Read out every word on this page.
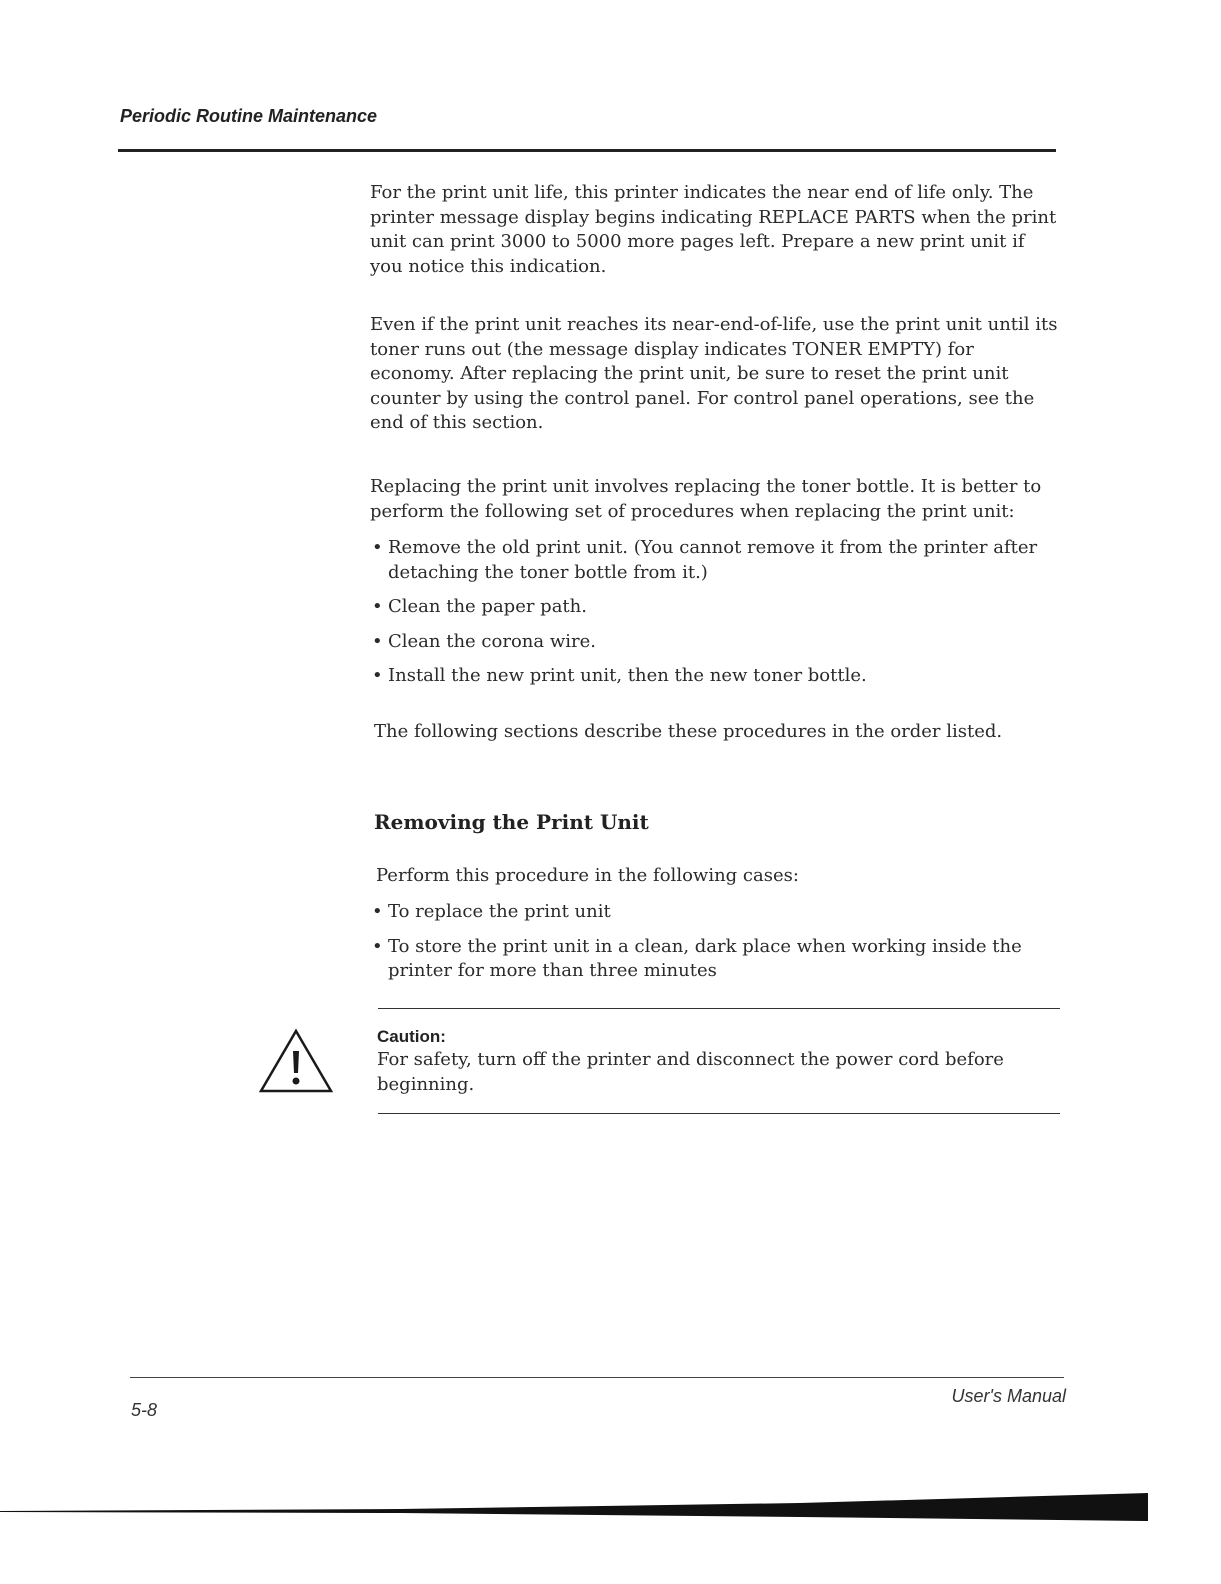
Periodic Routine Maintenance
For the print unit life, this printer indicates the near end of life only. The printer message display begins indicating REPLACE PARTS when the print unit can print 3000 to 5000 more pages left. Prepare a new print unit if you notice this indication.
Even if the print unit reaches its near-end-of-life, use the print unit until its toner runs out (the message display indicates TONER EMPTY) for economy. After replacing the print unit, be sure to reset the print unit counter by using the control panel. For control panel operations, see the end of this section.
Replacing the print unit involves replacing the toner bottle. It is better to perform the following set of procedures when replacing the print unit:
• Remove the old print unit. (You cannot remove it from the printer after detaching the toner bottle from it.)
• Clean the paper path.
• Clean the corona wire.
• Install the new print unit, then the new toner bottle.
The following sections describe these procedures in the order listed.
Removing the Print Unit
Perform this procedure in the following cases:
• To replace the print unit
• To store the print unit in a clean, dark place when working inside the printer for more than three minutes
Caution:
For safety, turn off the printer and disconnect the power cord before beginning.
5-8
User's Manual
